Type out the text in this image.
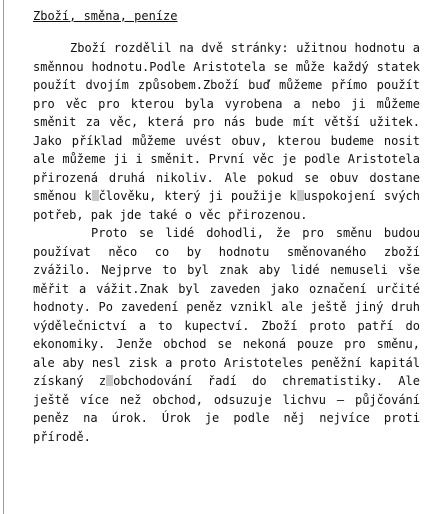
Zboží, směna, peníze

Zboží rozdělil na dvě stránky: užitnou hodnotu a směnnou hodnotu.Podle Aristotela se může každý statek použít dvojím způsobem.Zboží buď můžeme přímo použít pro věc pro kterou byla vyrobena a nebo ji můžeme směnit za věc, která pro nás bude mít větší užitek. Jako příklad můžeme uvést obuv, kterou budeme nosit ale můžeme ji i směnit. První věc je podle Aristotela přirozená druhá nikoliv. Ale pokud se obuv dostane směnou k člověku, který ji použije k uspokojení svých potřeb, pak jde také o věc přirozenou.

Proto se lidé dohodli, že pro směnu budou používat něco co by hodnotu směnovaného zboží zvážilo. Nejprve to byl znak aby lidé nemuseli vše měřit a vážit.Znak byl zaveden jako označení určité hodnoty. Po zavedení peněz vznikl ale ještě jiný druh výdělečnictví a to kupectví. Zboží proto patří do ekonomiky. Jenže obchod se nekoná pouze pro směnu, ale aby nesl zisk a proto Aristoteles peněžní kapitál získaný z obchodování řadí do chrematistiky. Ale ještě více než obchod, odsuzuje lichvu – půjčování peněz na úrok. Úrok je podle něj nejvíce proti přírodě.
